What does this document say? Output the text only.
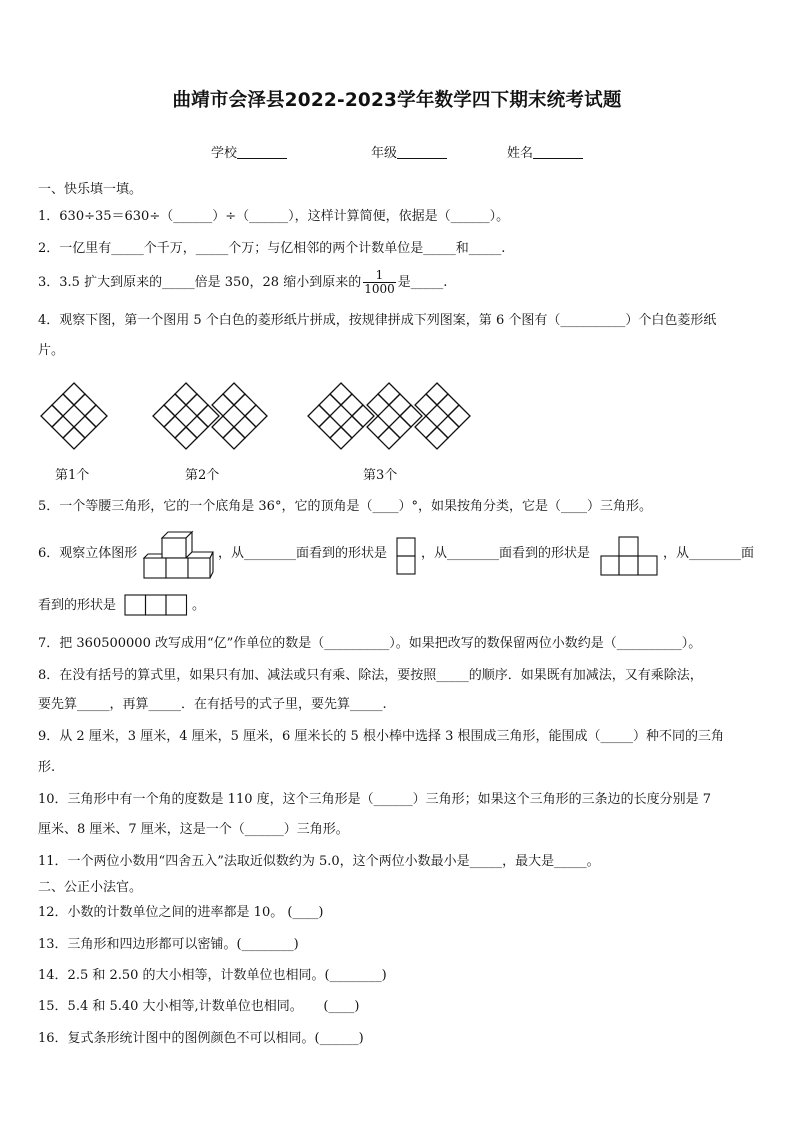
曲靖市会泽县2022-2023学年数学四下期末统考试题
学校	年级	姓名
一、快乐填一填。
1．630÷35＝630÷（______）÷（______），这样计算简便，依据是（______）。
2．一亿里有_____个千万，_____个万；与亿相邻的两个计数单位是_____和_____.
3．3.5 扩大到原来的_____倍是 350，28 缩小到原来的 $\frac{1}{1000}$ 是_____.
4．观察下图，第一个图用 5 个白色的菱形纸片拼成，按规律拼成下列图案，第 6 个图有（__________）个白色菱形纸
片。
第1个	第2个	第3个
5．一个等腰三角形，它的一个底角是 36°，它的顶角是（____）°，如果按角分类，它是（____）三角形。
6．观察立体图形	，从________面看到的形状是	，从________面看到的形状是	，从________面
看到的形状是	。
7．把 360500000 改写成用“亿”作单位的数是（__________）。如果把改写的数保留两位小数约是（__________）。
8．在没有括号的算式里，如果只有加、减法或只有乘、除法，要按照_____的顺序．如果既有加减法，又有乘除法，
要先算_____，再算_____．在有括号的式子里，要先算_____.
9．从 2 厘米，3 厘米，4 厘米，5 厘米，6 厘米长的 5 根小棒中选择 3 根围成三角形，能围成（_____）种不同的三角
形.
10．三角形中有一个角的度数是 110 度，这个三角形是（______）三角形；如果这个三角形的三条边的长度分别是 7
厘米、8 厘米、7 厘米，这是一个（______）三角形。
11．一个两位小数用“四舍五入”法取近似数约为 5.0，这个两位小数最小是_____，最大是_____。
二、公正小法官。
12．小数的计数单位之间的进率都是 10。 (____)
13．三角形和四边形都可以密铺。(________)
14．2.5 和 2.50 的大小相等，计数单位也相同。(________)
15．5.4 和 5.40 大小相等,计数单位也相同。     (____)
16．复式条形统计图中的图例颜色不可以相同。(______)
